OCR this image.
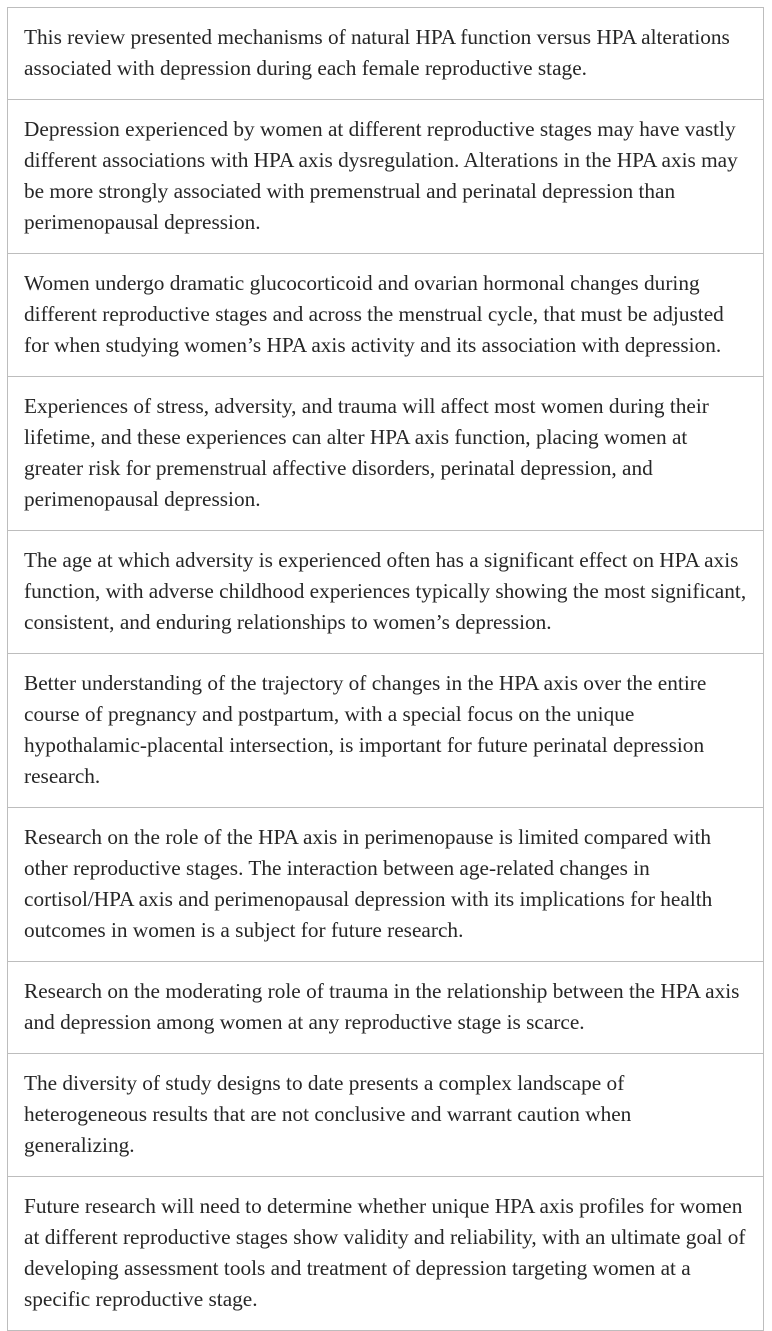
This review presented mechanisms of natural HPA function versus HPA alterations associated with depression during each female reproductive stage.
Depression experienced by women at different reproductive stages may have vastly different associations with HPA axis dysregulation. Alterations in the HPA axis may be more strongly associated with premenstrual and perinatal depression than perimenopausal depression.
Women undergo dramatic glucocorticoid and ovarian hormonal changes during different reproductive stages and across the menstrual cycle, that must be adjusted for when studying women’s HPA axis activity and its association with depression.
Experiences of stress, adversity, and trauma will affect most women during their lifetime, and these experiences can alter HPA axis function, placing women at greater risk for premenstrual affective disorders, perinatal depression, and perimenopausal depression.
The age at which adversity is experienced often has a significant effect on HPA axis function, with adverse childhood experiences typically showing the most significant, consistent, and enduring relationships to women’s depression.
Better understanding of the trajectory of changes in the HPA axis over the entire course of pregnancy and postpartum, with a special focus on the unique hypothalamic-placental intersection, is important for future perinatal depression research.
Research on the role of the HPA axis in perimenopause is limited compared with other reproductive stages. The interaction between age-related changes in cortisol/HPA axis and perimenopausal depression with its implications for health outcomes in women is a subject for future research.
Research on the moderating role of trauma in the relationship between the HPA axis and depression among women at any reproductive stage is scarce.
The diversity of study designs to date presents a complex landscape of heterogeneous results that are not conclusive and warrant caution when generalizing.
Future research will need to determine whether unique HPA axis profiles for women at different reproductive stages show validity and reliability, with an ultimate goal of developing assessment tools and treatment of depression targeting women at a specific reproductive stage.
